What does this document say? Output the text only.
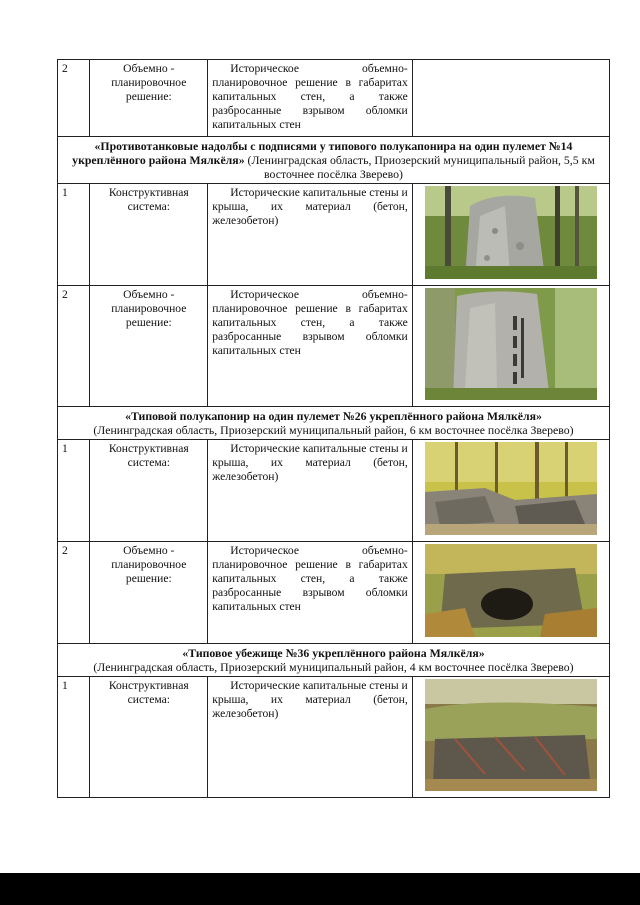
2	Объемно - планировочное решение:	Историческое объемно-планировочное решение в габаритах капитальных стен, а также разбросанные взрывом обломки капитальных стен	
«Противотанковые надолбы с подписями у типового полукапонира на один пулемет №14 укреплённого района Мялкёля» (Ленинградская область, Приозерский муниципальный район, 5,5 км восточнее посёлка Зверево)			
1	Конструктивная система:	Исторические капитальные стены и крыша, их материал (бетон, железобетон)	

2	Объемно - планировочное решение:	Историческое объемно-планировочное решение в габаритах капитальных стен, а также разбросанные взрывом обломки капитальных стен	

«Типовой полукапонир на один пулемет №26 укреплённого района Мялкёля»
(Ленинградская область, Приозерский муниципальный район, 6 км восточнее посёлка Зверево)			
1	Конструктивная система:	Исторические капитальные стены и крыша, их материал (бетон, железобетон)	

2	Объемно - планировочное решение:	Историческое объемно-планировочное решение в габаритах капитальных стен, а также разбросанные взрывом обломки капитальных стен	

«Типовое убежище №36 укреплённого района Мялкёля»
(Ленинградская область, Приозерский муниципальный район, 4 км восточнее посёлка Зверево)			
1	Конструктивная система:	Исторические капитальные стены и крыша, их материал (бетон, железобетон)	
